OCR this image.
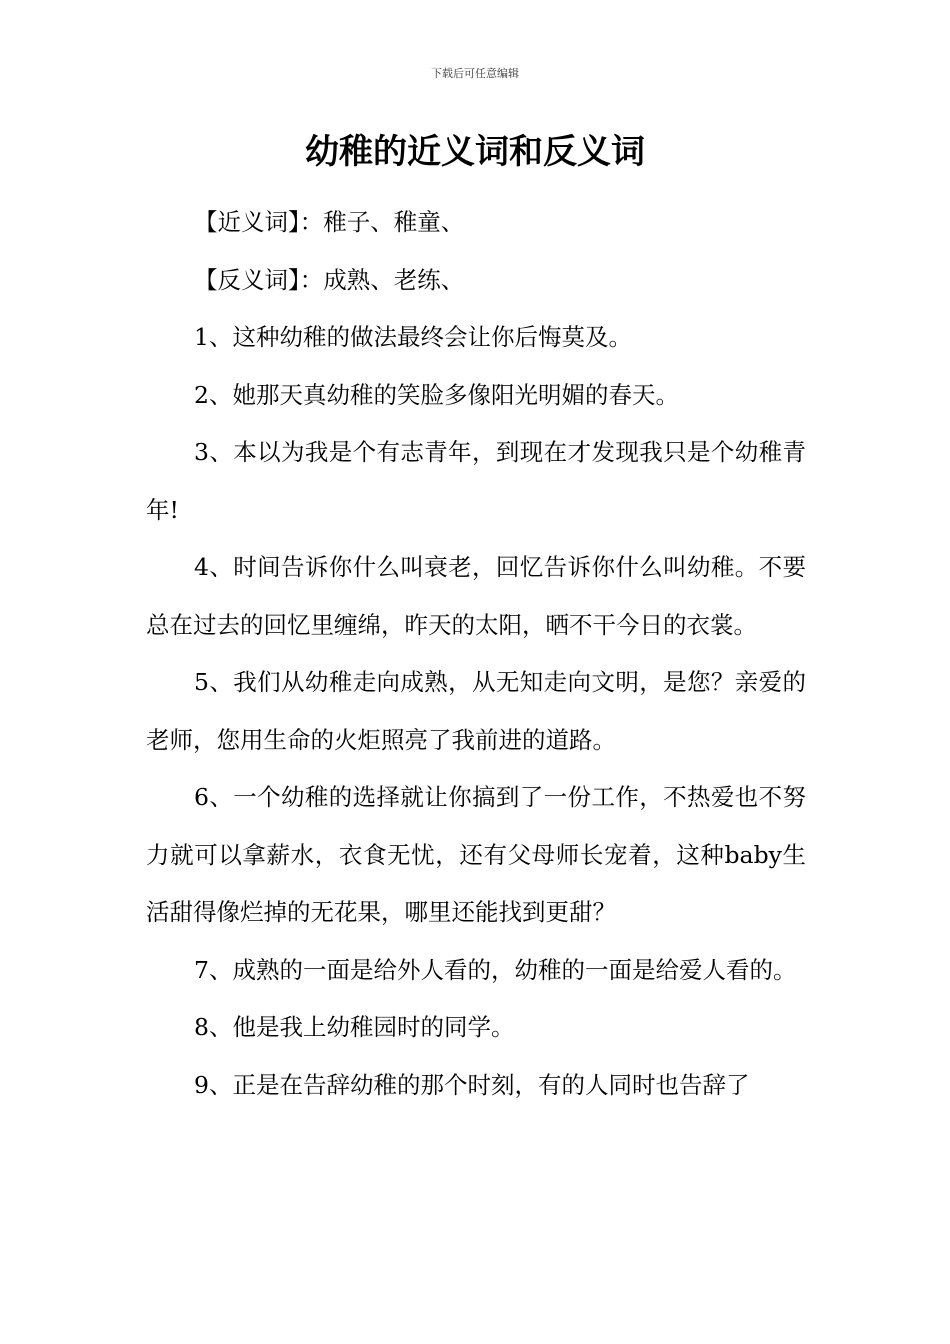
下载后可任意编辑
幼稚的近义词和反义词

【近义词】：稚子、稚童、

【反义词】：成熟、老练、

1、这种幼稚的做法最终会让你后悔莫及。

2、她那天真幼稚的笑脸多像阳光明媚的春天。

3、本以为我是个有志青年，到现在才发现我只是个幼稚青年!

4、时间告诉你什么叫衰老，回忆告诉你什么叫幼稚。不要总在过去的回忆里缠绵，昨天的太阳，晒不干今日的衣裳。

5、我们从幼稚走向成熟，从无知走向文明，是您？亲爱的老师，您用生命的火炬照亮了我前进的道路。

6、一个幼稚的选择就让你搞到了一份工作，不热爱也不努力就可以拿薪水，衣食无忧，还有父母师长宠着，这种baby生活甜得像烂掉的无花果，哪里还能找到更甜？

7、成熟的一面是给外人看的，幼稚的一面是给爱人看的。

8、他是我上幼稚园时的同学。

9、正是在告辞幼稚的那个时刻，有的人同时也告辞了
